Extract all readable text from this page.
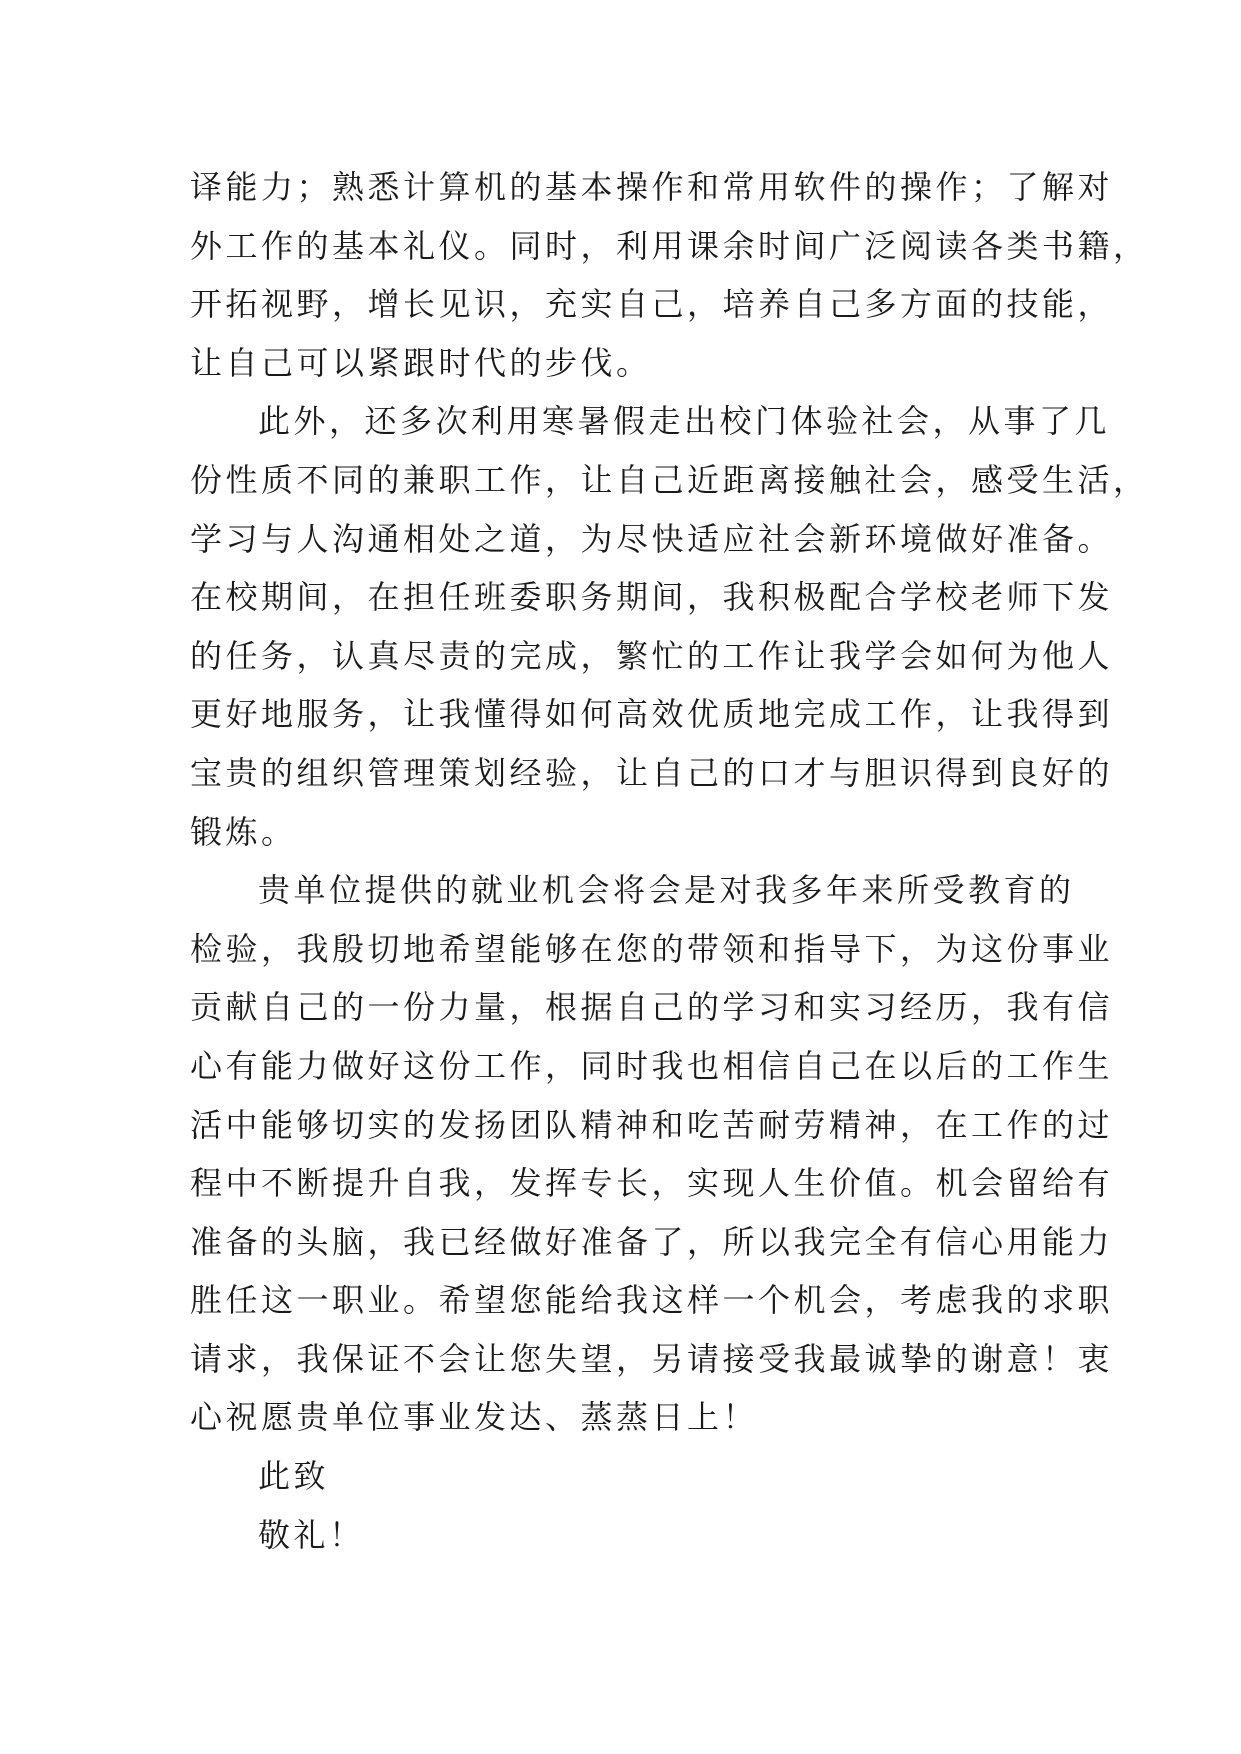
译能力；熟悉计算机的基本操作和常用软件的操作；了解对
外工作的基本礼仪。同时，利用课余时间广泛阅读各类书籍，
开拓视野，增长见识，充实自己，培养自己多方面的技能，
让自己可以紧跟时代的步伐。
此外，还多次利用寒暑假走出校门体验社会，从事了几
份性质不同的兼职工作，让自己近距离接触社会，感受生活，
学习与人沟通相处之道，为尽快适应社会新环境做好准备。
在校期间，在担任班委职务期间，我积极配合学校老师下发
的任务，认真尽责的完成，繁忙的工作让我学会如何为他人
更好地服务，让我懂得如何高效优质地完成工作，让我得到
宝贵的组织管理策划经验，让自己的口才与胆识得到良好的
锻炼。
贵单位提供的就业机会将会是对我多年来所受教育的
检验，我殷切地希望能够在您的带领和指导下，为这份事业
贡献自己的一份力量，根据自己的学习和实习经历，我有信
心有能力做好这份工作，同时我也相信自己在以后的工作生
活中能够切实的发扬团队精神和吃苦耐劳精神，在工作的过
程中不断提升自我，发挥专长，实现人生价值。机会留给有
准备的头脑，我已经做好准备了，所以我完全有信心用能力
胜任这一职业。希望您能给我这样一个机会，考虑我的求职
请求，我保证不会让您失望，另请接受我最诚挚的谢意！衷
心祝愿贵单位事业发达、蒸蒸日上！
此致
敬礼！
